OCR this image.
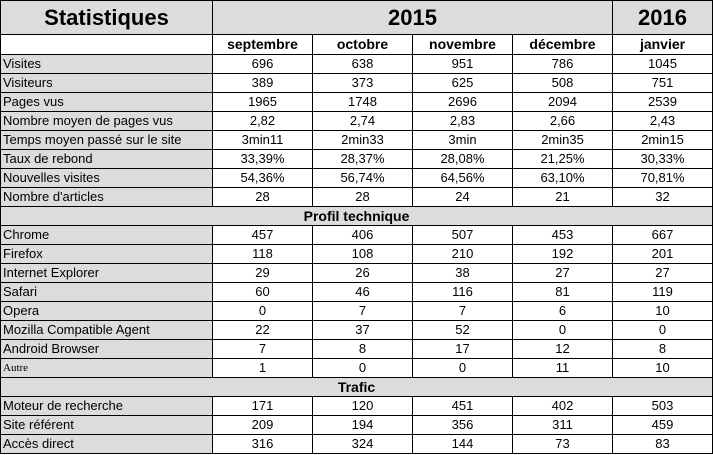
Statistiques	2015				2016
	septembre	octobre	novembre	décembre	janvier
Visites	696	638	951	786	1045
Visiteurs	389	373	625	508	751
Pages vus	1965	1748	2696	2094	2539
Nombre moyen de pages vus	2,82	2,74	2,83	2,66	2,43
Temps moyen passé sur le site	3min11	2min33	3min	2min35	2min15
Taux de rebond	33,39%	28,37%	28,08%	21,25%	30,33%
Nouvelles visites	54,36%	56,74%	64,56%	63,10%	70,81%
Nombre d'articles	28	28	24	21	32
Profil technique					
Chrome	457	406	507	453	667
Firefox	118	108	210	192	201
Internet Explorer	29	26	38	27	27
Safari	60	46	116	81	119
Opera	0	7	7	6	10
Mozilla Compatible Agent	22	37	52	0	0
Android Browser	7	8	17	12	8
Autre	1	0	0	11	10
Trafic					
Moteur de recherche	171	120	451	402	503
Site référent	209	194	356	311	459
Accès direct	316	324	144	73	83
